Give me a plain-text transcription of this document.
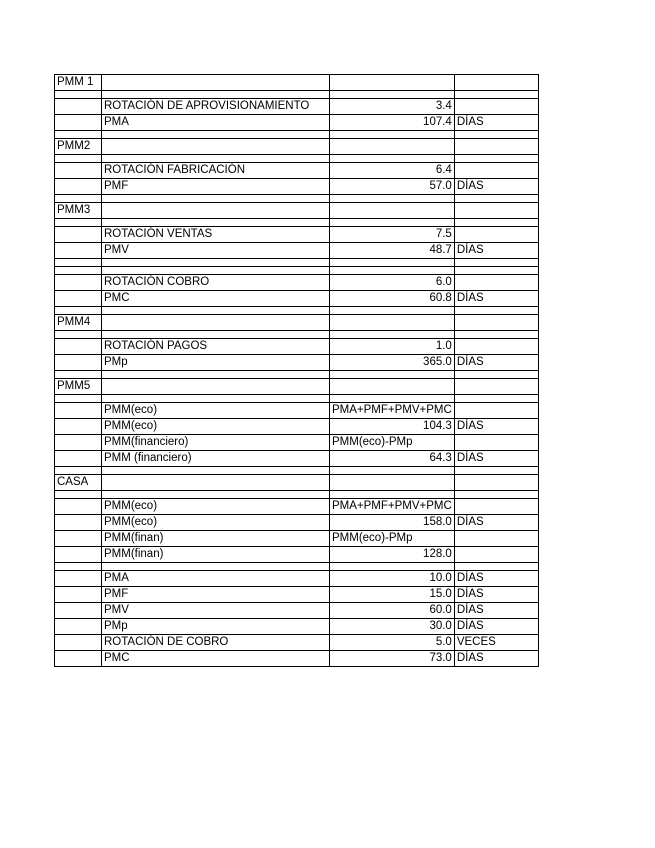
PMM 1			

	ROTACIÓN DE APROVISIONAMIENTO	3.4	
	PMA	107.4	DÍAS

PMM2			

	ROTACIÓN FABRICACIÓN	6.4	
	PMF	57.0	DÍAS

PMM3			

	ROTACIÓN VENTAS	7.5	
	PMV	48.7	DÍAS

	ROTACIÓN COBRO	6.0	
	PMC	60.8	DÍAS

PMM4			

	ROTACIÓN PAGOS	1.0	
	PMp	365.0	DÍAS

PMM5			

	PMM(eco)	PMA+PMF+PMV+PMC	
	PMM(eco)	104.3	DÍAS
	PMM(financiero)	PMM(eco)-PMp	
	PMM (financiero)	64.3	DÍAS

CASA			

	PMM(eco)	PMA+PMF+PMV+PMC	
	PMM(eco)	158.0	DÍAS
	PMM(finan)	PMM(eco)-PMp	
	PMM(finan)	128.0	

	PMA	10.0	DÍAS
	PMF	15.0	DÍAS
	PMV	60.0	DÍAS
	PMp	30.0	DÍAS
	ROTACIÓN DE COBRO	5.0	VECES
	PMC	73.0	DÍAS
